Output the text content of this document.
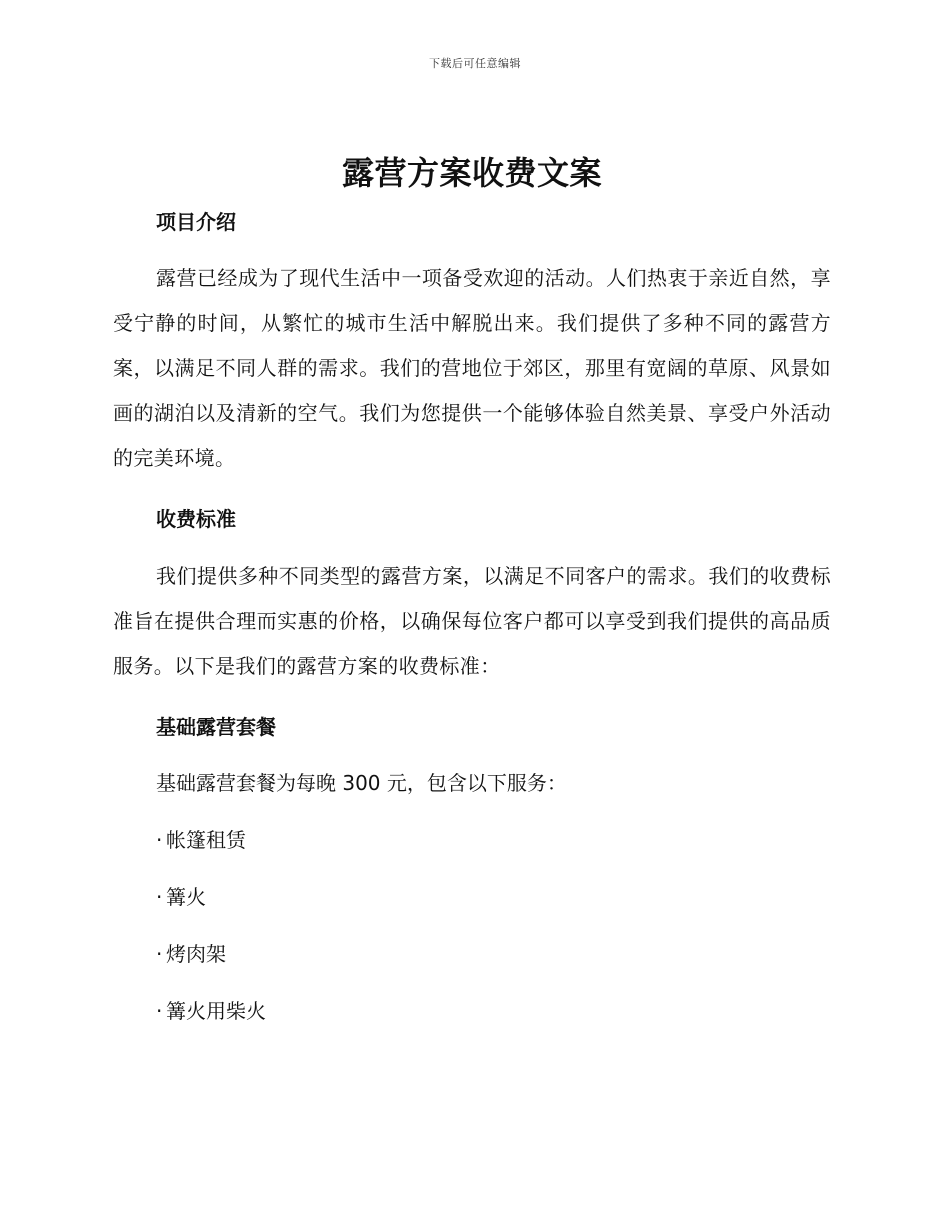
下载后可任意编辑
露营方案收费文案
项目介绍

露营已经成为了现代生活中一项备受欢迎的活动。人们热衷于亲近自然，享受宁静的时间，从繁忙的城市生活中解脱出来。我们提供了多种不同的露营方案，以满足不同人群的需求。我们的营地位于郊区，那里有宽阔的草原、风景如画的湖泊以及清新的空气。我们为您提供一个能够体验自然美景、享受户外活动的完美环境。

收费标准

我们提供多种不同类型的露营方案，以满足不同客户的需求。我们的收费标准旨在提供合理而实惠的价格，以确保每位客户都可以享受到我们提供的高品质服务。以下是我们的露营方案的收费标准：

基础露营套餐

基础露营套餐为每晚 300 元，包含以下服务：

· 帐篷租赁

· 篝火

· 烤肉架

· 篝火用柴火
